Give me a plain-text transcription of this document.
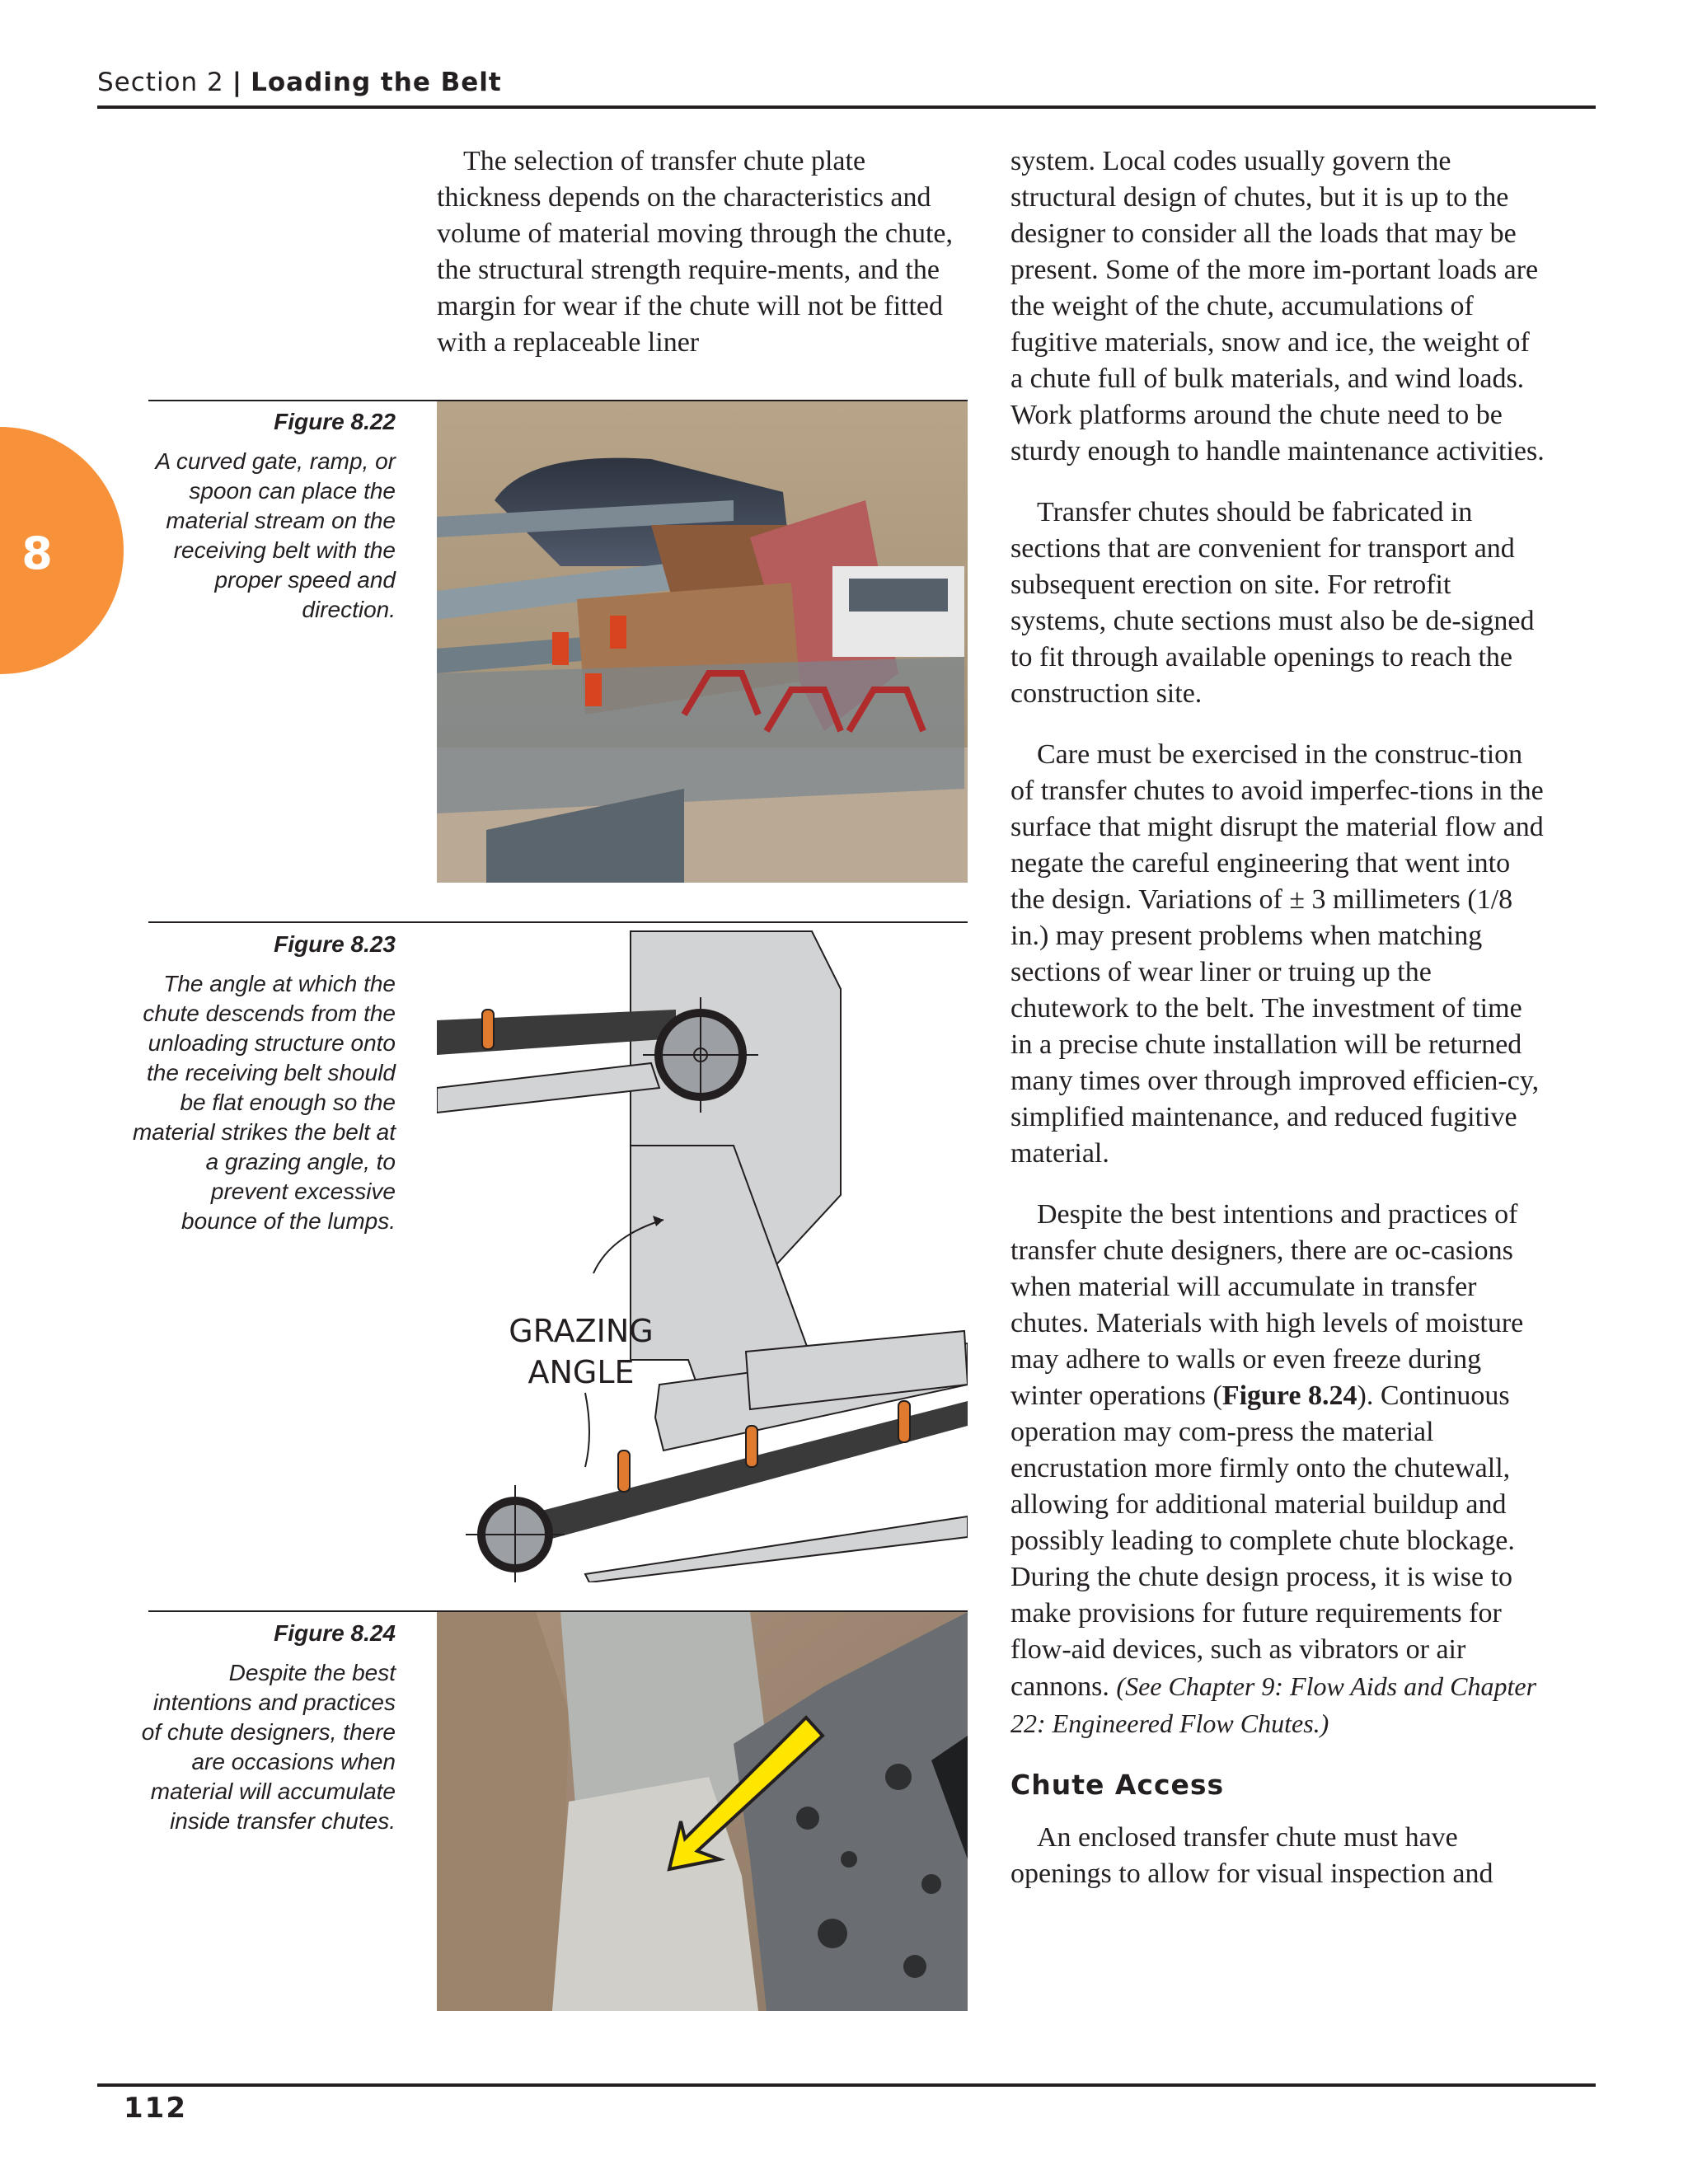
Section 2 | Loading the Belt
8

The selection of transfer chute plate thickness depends on the characteristics and volume of material moving through the chute, the structural strength require-ments, and the margin for wear if the chute will not be fitted with a replaceable liner

system. Local codes usually govern the structural design of chutes, but it is up to the designer to consider all the loads that may be present. Some of the more im-portant loads are the weight of the chute, accumulations of fugitive materials, snow and ice, the weight of a chute full of bulk materials, and wind loads. Work platforms around the chute need to be sturdy enough to handle maintenance activities.

Transfer chutes should be fabricated in sections that are convenient for transport and subsequent erection on site. For retrofit systems, chute sections must also be de-signed to fit through available openings to reach the construction site.

Care must be exercised in the construc-tion of transfer chutes to avoid imperfec-tions in the surface that might disrupt the material flow and negate the careful engineering that went into the design. Variations of ± 3 millimeters (1/8 in.) may present problems when matching sections of wear liner or truing up the chutework to the belt. The investment of time in a precise chute installation will be returned many times over through improved efficien-cy, simplified maintenance, and reduced fugitive material.

Despite the best intentions and practices of transfer chute designers, there are oc-casions when material will accumulate in transfer chutes. Materials with high levels of moisture may adhere to walls or even freeze during winter operations (Figure 8.24). Continuous operation may com-press the material encrustation more firmly onto the chutewall, allowing for additional material buildup and possibly leading to complete chute blockage. During the chute design process, it is wise to make provisions for future requirements for flow-aid devices, such as vibrators or air cannons. (See Chapter 9: Flow Aids and Chapter 22: Engineered Flow Chutes.)

Chute Access

An enclosed transfer chute must have openings to allow for visual inspection and

Figure 8.22
A curved gate, ramp, or spoon can place the material stream on the receiving belt with the proper speed and direction.
Figure 8.23
The angle at which the chute descends from the unloading structure onto the receiving belt should be flat enough so the material strikes the belt at a grazing angle, to prevent excessive bounce of the lumps.
GRAZING
ANGLE
Figure 8.24
Despite the best intentions and practices of chute designers, there are occasions when material will accumulate inside transfer chutes.
112
